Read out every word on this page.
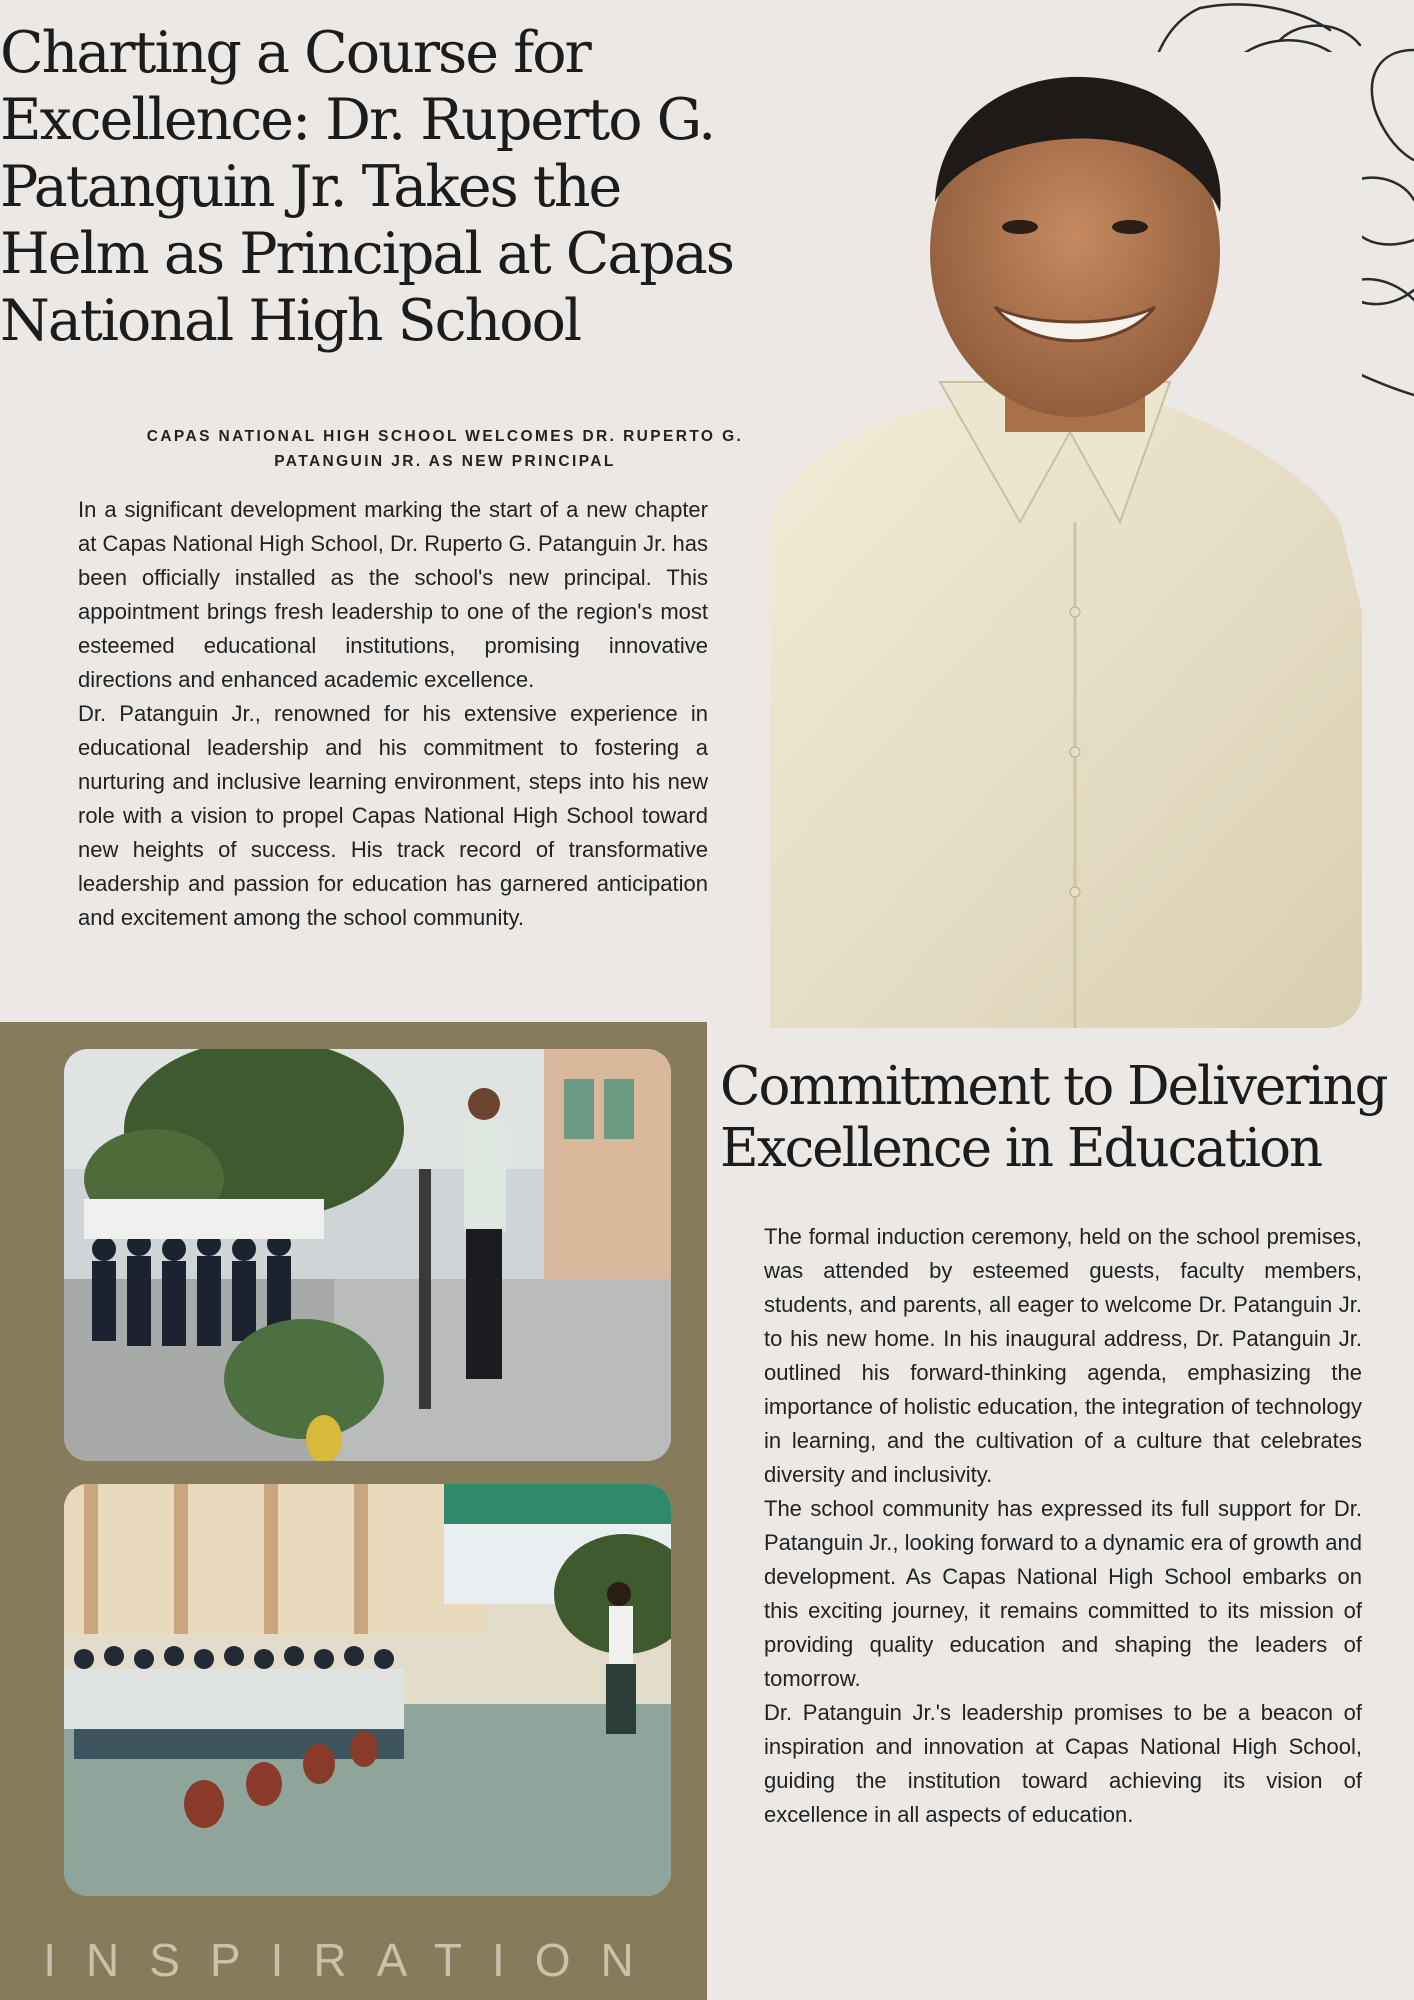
Charting a Course for Excellence: Dr. Ruperto G. Patanguin Jr. Takes the Helm as Principal at Capas National High School
CAPAS NATIONAL HIGH SCHOOL WELCOMES DR. RUPERTO G. PATANGUIN JR. AS NEW PRINCIPAL

In a significant development marking the start of a new chapter at Capas National High School, Dr. Ruperto G. Patanguin Jr. has been officially installed as the school's new principal. This appointment brings fresh leadership to one of the region's most esteemed educational institutions, promising innovative directions and enhanced academic excellence.

Dr. Patanguin Jr., renowned for his extensive experience in educational leadership and his commitment to fostering a nurturing and inclusive learning environment, steps into his new role with a vision to propel Capas National High School toward new heights of success. His track record of transformative leadership and passion for education has garnered anticipation and excitement among the school community.

INSPIRATION
Commitment to Delivering Excellence in Education

The formal induction ceremony, held on the school premises, was attended by esteemed guests, faculty members, students, and parents, all eager to welcome Dr. Patanguin Jr. to his new home. In his inaugural address, Dr. Patanguin Jr. outlined his forward-thinking agenda, emphasizing the importance of holistic education, the integration of technology in learning, and the cultivation of a culture that celebrates diversity and inclusivity.

The school community has expressed its full support for Dr. Patanguin Jr., looking forward to a dynamic era of growth and development. As Capas National High School embarks on this exciting journey, it remains committed to its mission of providing quality education and shaping the leaders of tomorrow.

Dr. Patanguin Jr.'s leadership promises to be a beacon of inspiration and innovation at Capas National High School, guiding the institution toward achieving its vision of excellence in all aspects of education.
